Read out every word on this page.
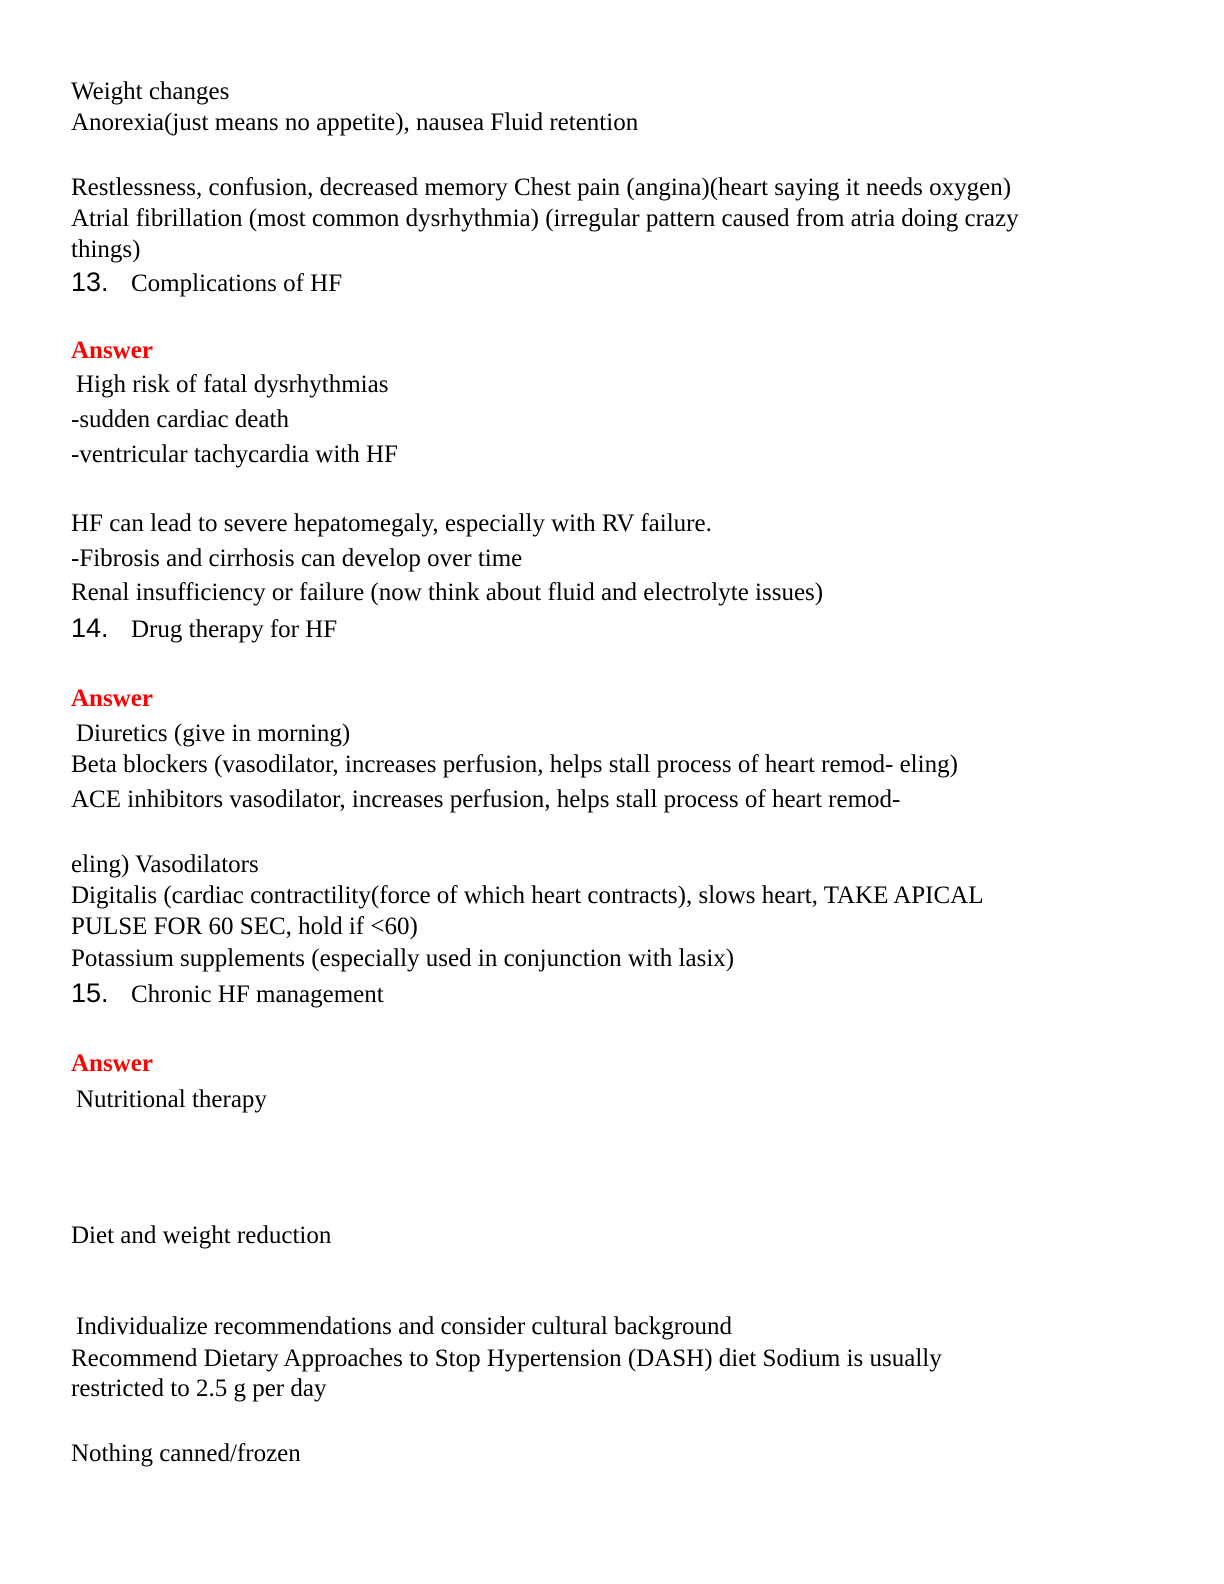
Weight changes
Anorexia(just means no appetite), nausea Fluid retention
Restlessness, confusion, decreased memory Chest pain (angina)(heart saying it needs oxygen)
Atrial fibrillation (most common dysrhythmia) (irregular pattern caused from atria doing crazy
things)
13. Complications of HF
Answer
High risk of fatal dysrhythmias
-sudden cardiac death
-ventricular tachycardia with HF
HF can lead to severe hepatomegaly, especially with RV failure.
-Fibrosis and cirrhosis can develop over time
Renal insufficiency or failure (now think about fluid and electrolyte issues)
14. Drug therapy for HF
Answer
Diuretics (give in morning)
Beta blockers (vasodilator, increases perfusion, helps stall process of heart remod- eling)
ACE inhibitors vasodilator, increases perfusion, helps stall process of heart remod-
eling) Vasodilators
Digitalis (cardiac contractility(force of which heart contracts), slows heart, TAKE APICAL
PULSE FOR 60 SEC, hold if <60)
Potassium supplements (especially used in conjunction with lasix)
15. Chronic HF management
Answer
Nutritional therapy
Diet and weight reduction
Individualize recommendations and consider cultural background
Recommend Dietary Approaches to Stop Hypertension (DASH) diet Sodium is usually
restricted to 2.5 g per day
Nothing canned/frozen
